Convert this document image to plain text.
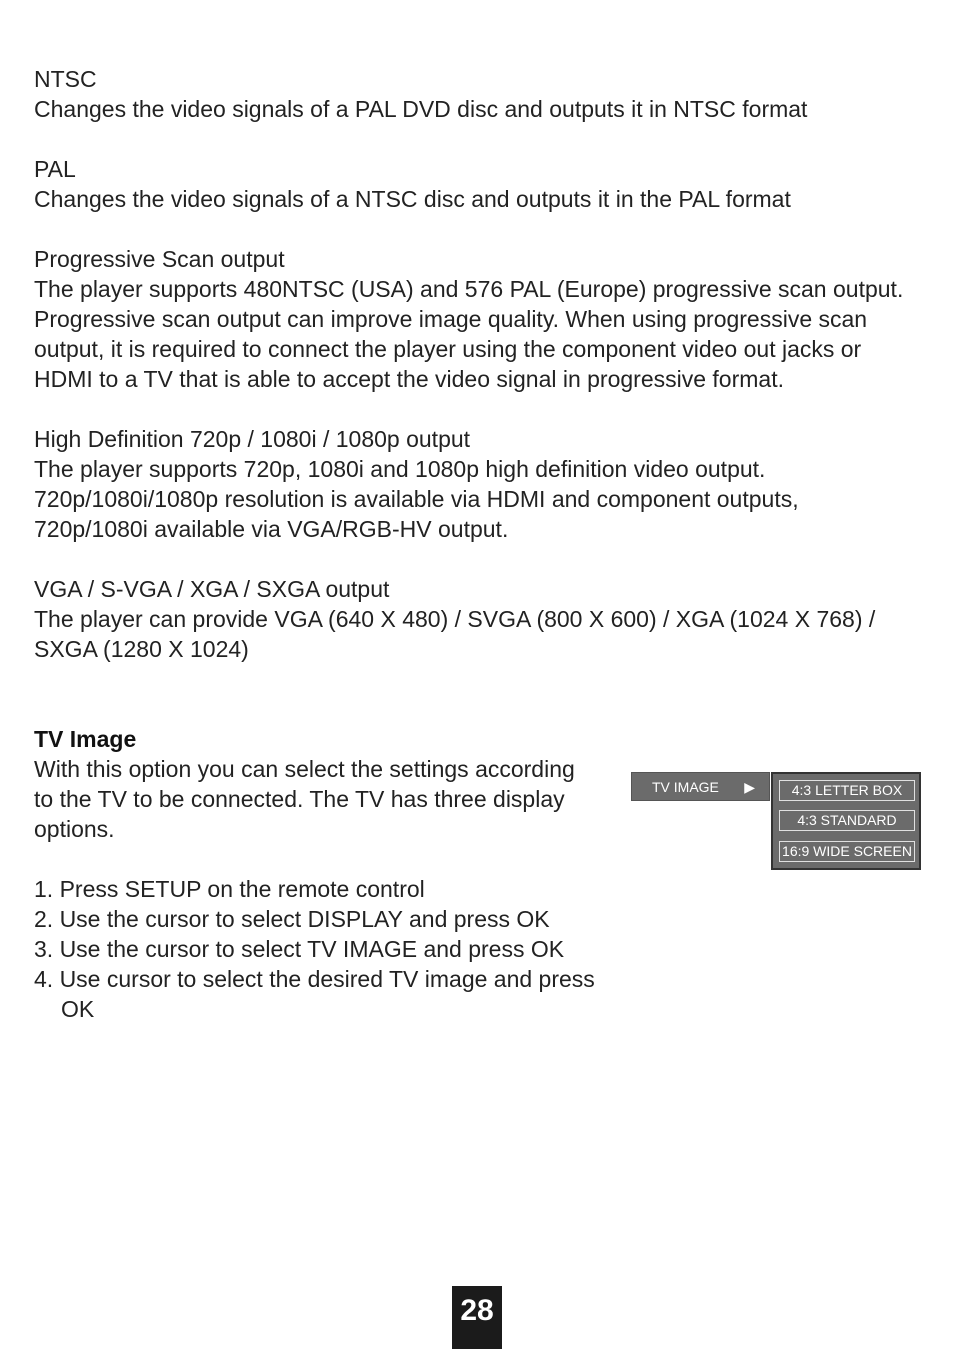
NTSC

Changes the video signals of a PAL DVD disc and outputs it in NTSC format

PAL

Changes the video signals of a NTSC disc and outputs it in the PAL format

Progressive Scan output

The player supports 480NTSC (USA) and 576 PAL (Europe) progressive scan output.

Progressive scan output can improve image quality. When using progressive scan

output, it is required to connect the player using the component video out jacks or

HDMI to a TV that is able to accept the video signal in progressive format.

High Definition 720p / 1080i / 1080p output

The player supports 720p, 1080i and 1080p high definition video output.

720p/1080i/1080p resolution is available via HDMI and component outputs,

720p/1080i available via VGA/RGB-HV output.

VGA / S-VGA / XGA / SXGA output

The player can provide VGA (640 X 480) / SVGA (800 X 600) / XGA (1024 X 768) /

SXGA (1280 X 1024)

TV Image

With this option you can select the settings according

to the TV to be connected. The TV has three display

options.

1. Press SETUP on the remote control
2. Use the cursor to select DISPLAY and press OK
3. Use the cursor to select TV IMAGE and press OK
4. Use cursor to select the desired TV image and press OK
TV IMAGE ▶	4:3 LETTER BOX
4:3 STANDARD
16:9 WIDE SCREEN
28
